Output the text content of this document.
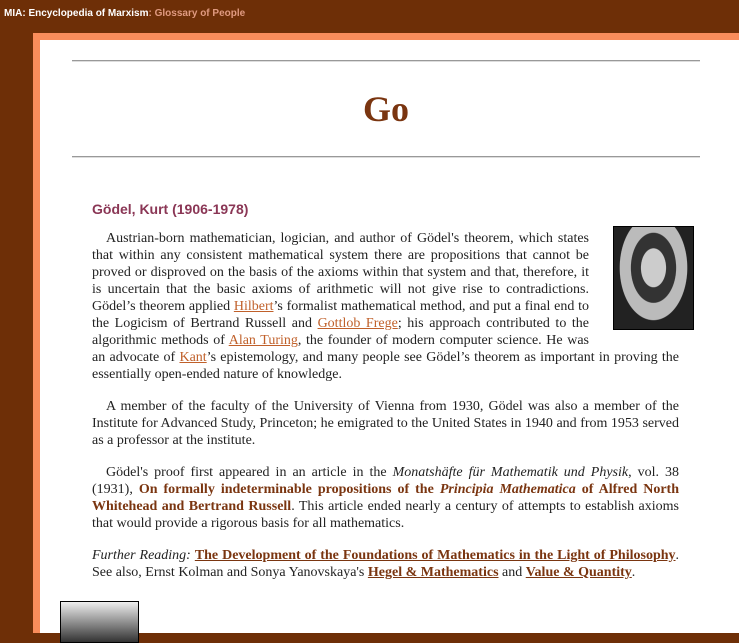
MIA: Encyclopedia of Marxism: Glossary of People
Go
Gödel, Kurt (1906-1978)

Austrian-born mathematician, logician, and author of Gödel's theorem, which states that within any consistent mathematical system there are propositions that cannot be proved or disproved on the basis of the axioms within that system and that, therefore, it is uncertain that the basic axioms of arithmetic will not give rise to contradictions. Gödel’s theorem applied Hilbert’s formalist mathematical method, and put a final end to the Logicism of Bertrand Russell and Gottlob Frege; his approach contributed to the algorithmic methods of Alan Turing, the founder of modern computer science. He was an advocate of Kant’s epistemology, and many people see Gödel’s theorem as important in proving the essentially open-ended nature of knowledge.

A member of the faculty of the University of Vienna from 1930, Gödel was also a member of the Institute for Advanced Study, Princeton; he emigrated to the United States in 1940 and from 1953 served as a professor at the institute.

Gödel's proof first appeared in an article in the Monatshäfte für Mathematik und Physik, vol. 38 (1931), On formally indeterminable propositions of the Principia Mathematica of Alfred North Whitehead and Bertrand Russell. This article ended nearly a century of attempts to establish axioms that would provide a rigorous basis for all mathematics.

Further Reading: The Development of the Foundations of Mathematics in the Light of Philosophy. See also, Ernst Kolman and Sonya Yanovskaya's Hegel & Mathematics and Value & Quantity.
